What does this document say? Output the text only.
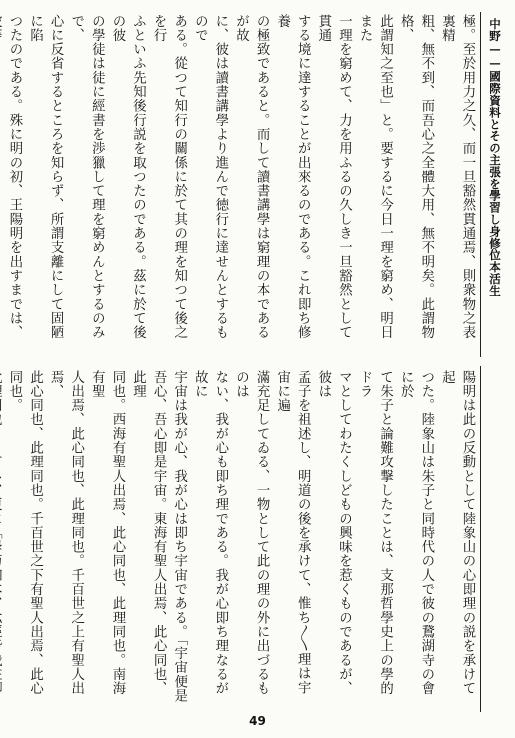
中野——國際資料とその主張を學習し身修位本活生
極。至於用力之久、而一旦豁然貫通焉、則衆物之表裏精
粗、無不到、而吾心之全體大用、無不明矣。此謂物格、
此謂知之至也」と。要するに今日一理を窮め、明日また
一理を窮めて、力を用ふるの久しき一旦豁然として貫通
する境に達することが出來るのである。これ即ち修養
の極致であると。而して讀書講學は窮理の本であるが故
に、彼は讀書講學より進んで徳行に達せんとするもので
ある。從つて知行の關係に於て其の理を知つて後之を行
ふといふ先知後行説を取つたのである。茲に於て後の彼
の學徒は徒に經書を渉獵して理を窮めんとするのみで、
心に反省するところを知らず、所謂支離にして固陋に陷
つたのである。殊に明の初、王陽明を出すまでは、
陽明は此の反動として陸象山の心即理の説を承けて起
つた。陸象山は朱子と同時代の人で彼の鵞湖寺の會に於
て朱子と論難攻撃したことは、支那哲學史上の學的ドラ
マとしてわたくしどもの興味を惹くものであるが、彼は
孟子を祖述し、明道の後を承けて、惟ち〳〵理は宇宙に遍
滿充足してゐる、一物として此の理の外に出づるものは
ない、我が心も即ち理である。我が心即ち理なるが故に
宇宙は我が心、我が心は即ち宇宙である。「宇宙便是
吾心、吾心即是宇宙。東海有聖人出焉、此心同也、此理
同也。西海有聖人出焉、此心同也、此理同也。南海有聖
人出焉、此心同也、此理同也。千百世之上有聖人出焉、
此心同也、此理同也。千百世之下有聖人出焉、此心同也。
49
